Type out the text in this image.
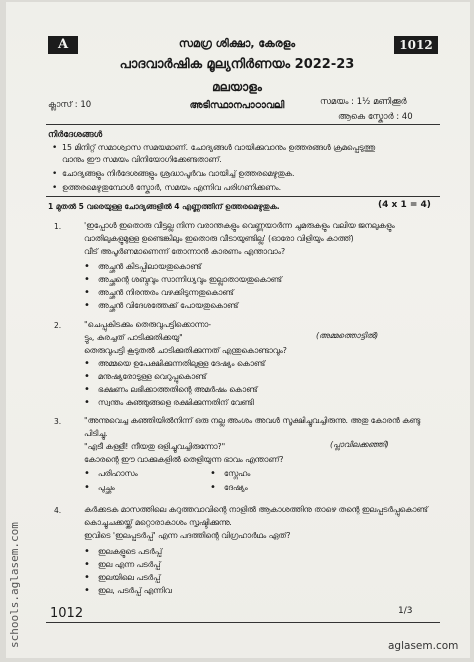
A	1012
സമഗ്ര ശിക്ഷാ, കേരളം
പാദവാർഷിക മൂല്യനിർണയം 2022-23
മലയാളം
അടിസ്ഥാനപാഠാവലി
ക്ലാസ് : 10	സമയം : 1½ മണിക്കൂർ
ആകെ സ്കോർ : 40
നിർദേശങ്ങൾ
• 15 മിനിറ്റ് സമാശ്വാസ സമയമാണ്. ചോദ്യങ്ങൾ വായിക്കുവാനും ഉത്തരങ്ങൾ ക്രമപ്പെടുത്തു
വാനും ഈ സമയം വിനിയോഗിക്കേണ്ടതാണ്.
• ചോദ്യങ്ങളും നിർദേശങ്ങളും ശ്രദ്ധാപൂർവം വായിച്ച് ഉത്തരമെഴുതുക.
• ഉത്തരമെഴുതുമ്പോൾ സ്കോർ, സമയം എന്നിവ പരിഗണിക്കണം.
1 മുതൽ 5 വരെയുള്ള ചോദ്യങ്ങളിൽ 4 എണ്ണത്തിന് ഉത്തരമെഴുതുക.	(4 x 1 = 4)
1.	'ഇപ്പോൾ ഇതൊരു വീട്ടല്ല നിന്ന വരാന്തകളും വെണ്ണയാർന്ന ചുമരുകളും വലിയ ജനലുകളും
വാതിലുകളുമുള്ള ഉണ്ടെങ്കിലും ഇതൊരു വീടായുണ്ടില്ല' (ഓരോ വിളിയും കാത്ത്)
വീട് അപൂർണമാണെന്ന് തോന്നാൻ കാരണം എന്താവാം?
• അച്ഛൻ കിടപ്പിലായതുകൊണ്ട്
• അച്ഛന്റെ ശബ്ദവും സാന്നിധ്യവും ഇല്ലാതായതുകൊണ്ട്
• അച്ഛൻ നിരന്തരം വഴക്കിടുന്നതുകൊണ്ട്
• അച്ഛൻ വിദേശത്തേക്ക് പോയതുകൊണ്ട്
2.	"ചെപ്പുകിടക്കും തെരുവുപട്ടിക്കൊന്നാ-
ട്ടും, കുരച്ചത് പാടിക്കുതിക്കയു"
തെരുവുപട്ടി കൂടുതൽ ചാടിക്കുതിക്കുന്നത് എന്തുകൊണ്ടാവും?
(അമ്മത്തൊട്ടിൽ)
• അമ്മയെ ഉപേക്ഷിക്കുന്നതിലുള്ള ദേഷ്യം കൊണ്ട്
• മനുഷ്യരോടുള്ള വെറുപ്പുകൊണ്ട്
• ഭക്ഷണം ലഭിക്കാത്തതിന്റെ അമർഷം കൊണ്ട്
• സ്വന്തം കുഞ്ഞുങ്ങളെ രക്ഷിക്കുന്നതിന് വേണ്ടി
3.	"അന്നുവെച്ച കഞ്ഞിയിൽനിന്ന് ഒരു നല്ല അംശം അവൾ സൂക്ഷിച്ചുവച്ചിരുന്നു. അതു കോരൻ കണ്ടു
പിടിച്ചു.
"എടീ കള്ളീ! നീയതു ഒളിച്ചുവച്ചിരുന്നോ?"
കോരന്റെ ഈ വാക്കുകളിൽ തെളിയുന്ന ഭാവം എന്താണ്?
(പ്ലാവിലക്കഞ്ഞി)
• പരിഹാസം	• സ്നേഹം
• പുച്ഛം	• ദേഷ്യം
4.	കർക്കടക മാസത്തിലെ കറുത്തവാവിന്റെ നാളിൽ ആകാശത്തിനു താഴെ തന്റെ ഇലപ്പടർപ്പുകൊണ്ട്
കൊച്ചുചക്കയ്ക്ക് മറ്റൊരാകാശം സൃഷ്ടിക്കുന്നു.
ഇവിടെ 'ഇലപ്പടർപ്പ്' എന്ന പദത്തിന്റെ വിഗ്രഹാർഥം ഏത്?
• ഇലകളുടെ പടർപ്പ്
• ഇല എന്ന പടർപ്പ്
• ഇലയിലെ പടർപ്പ്
• ഇല, പടർപ്പ് എന്നിവ
1012	1/3
schools.aglasem.com	aglasem.com
